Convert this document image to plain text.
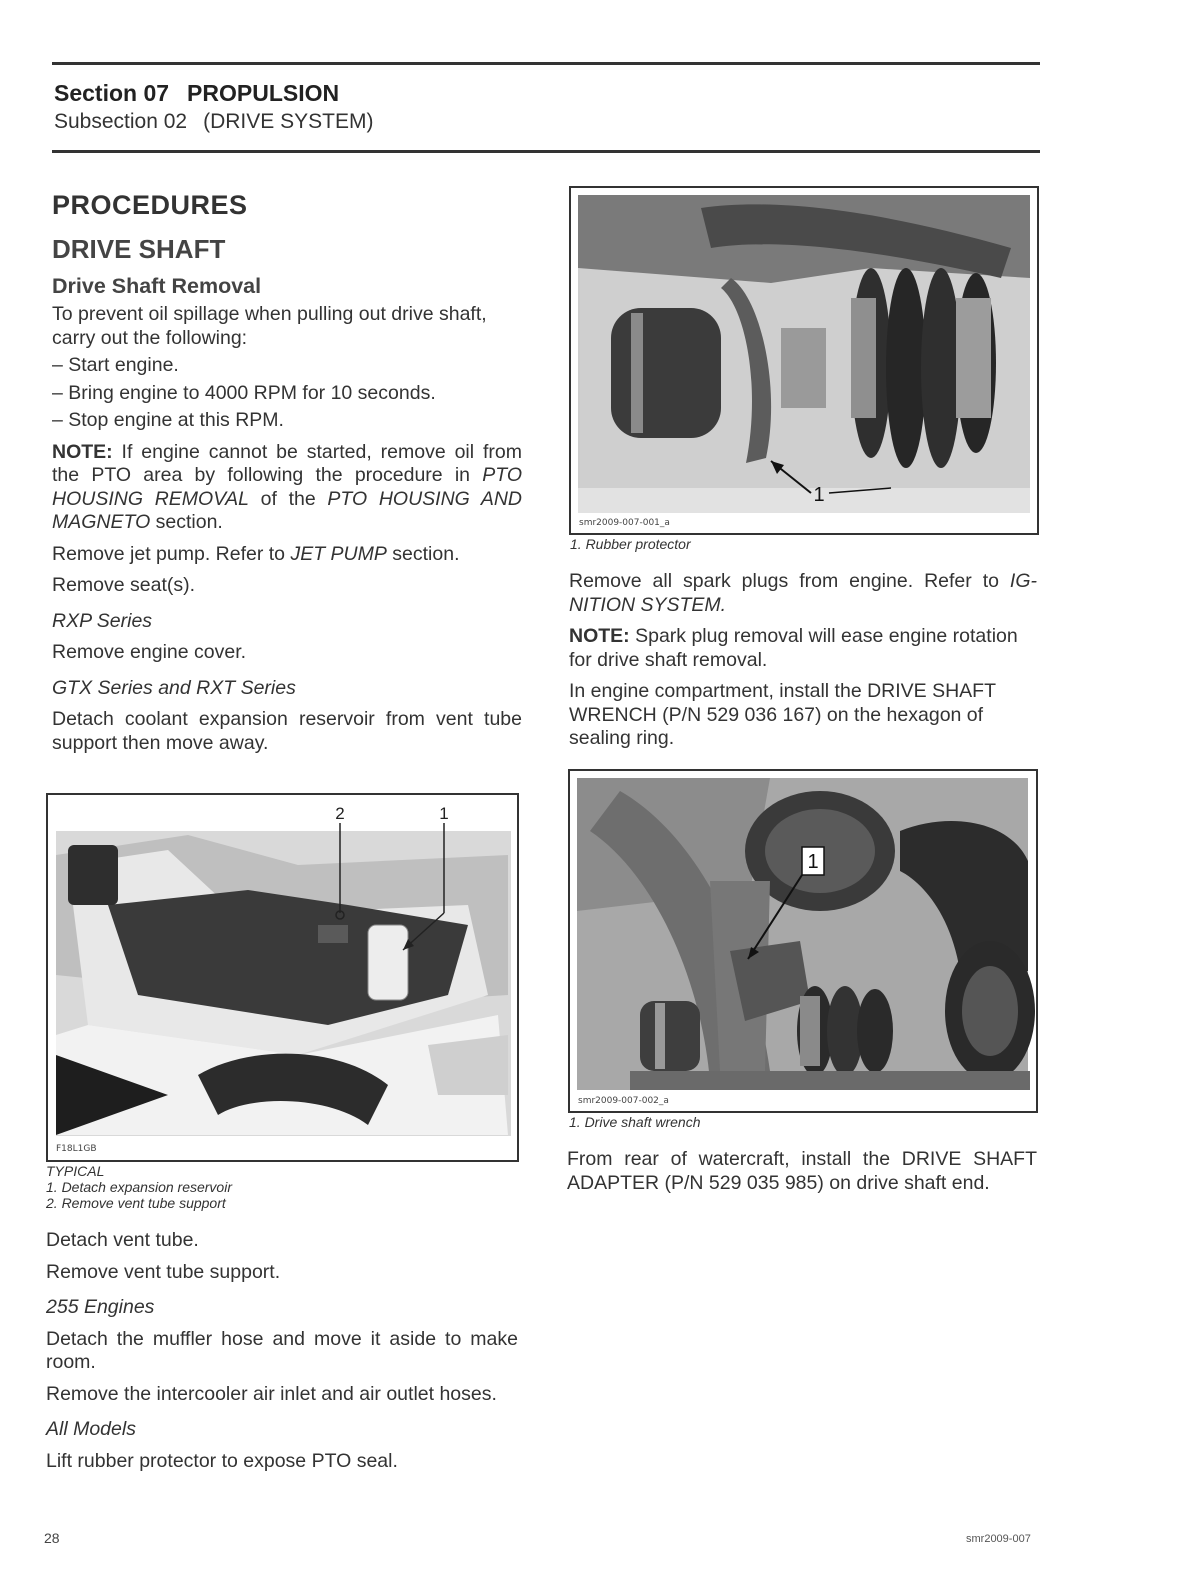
Section 07 PROPULSION
Subsection 02 (DRIVE SYSTEM)
PROCEDURES
DRIVE SHAFT
Drive Shaft Removal

To prevent oil spillage when pulling out drive shaft, carry out the following:

– Start engine.

– Bring engine to 4000 RPM for 10 seconds.

– Stop engine at this RPM.

NOTE: If engine cannot be started, remove oil from the PTO area by following the procedure in PTO HOUSING REMOVAL of the PTO HOUSING AND MAGNETO section.

Remove jet pump. Refer to JET PUMP section.

Remove seat(s).

RXP Series

Remove engine cover.

GTX Series and RXT Series

Detach coolant expansion reservoir from vent tube support then move away.

2	1
F18L1GB

TYPICAL

1. Detach expansion reservoir

2. Remove vent tube support

Detach vent tube.

Remove vent tube support.

255 Engines

Detach the muffler hose and move it aside to make room.

Remove the intercooler air inlet and air outlet hoses.

All Models

Lift rubber protector to expose PTO seal.

1
smr2009-007-001_a

1. Rubber protector

Remove all spark plugs from engine. Refer to IG-NITION SYSTEM.

NOTE: Spark plug removal will ease engine rotation for drive shaft removal.

In engine compartment, install the DRIVE SHAFT WRENCH (P/N 529 036 167) on the hexagon of sealing ring.

1
smr2009-007-002_a

1. Drive shaft wrench

From rear of watercraft, install the DRIVE SHAFT ADAPTER (P/N 529 035 985) on drive shaft end.

28	smr2009-007
